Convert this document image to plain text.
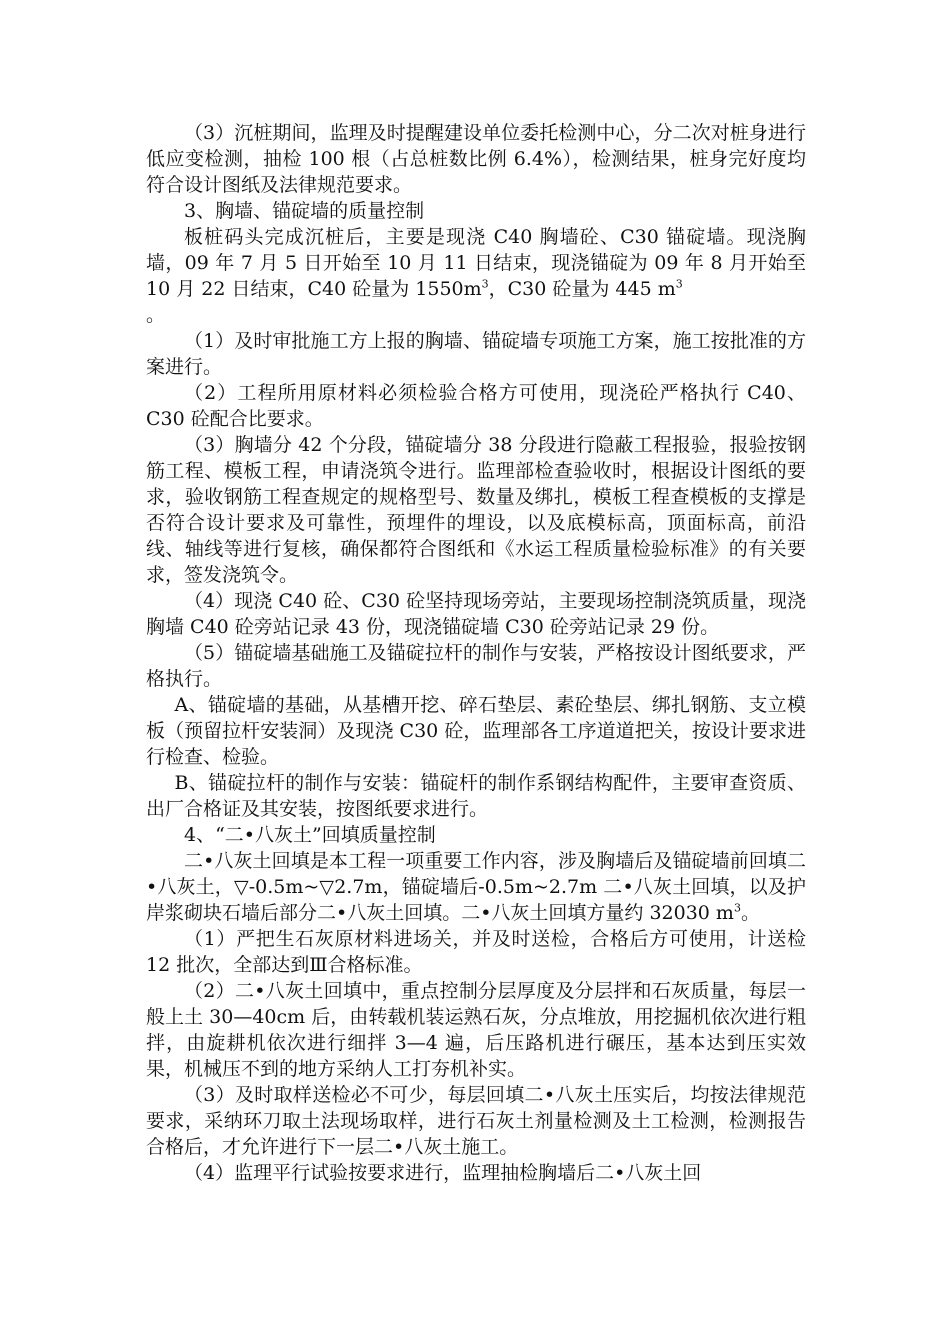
（3）沉桩期间，监理及时提醒建设单位委托检测中心，分二次对桩身进行低应变检测，抽检 100 根（占总桩数比例 6.4%），检测结果，桩身完好度均符合设计图纸及法律规范要求。

3、胸墙、锚碇墙的质量控制

板桩码头完成沉桩后，主要是现浇 C40 胸墙砼、C30 锚碇墙。现浇胸墙，09 年 7 月 5 日开始至 10 月 11 日结束，现浇锚碇为 09 年 8 月开始至 10 月 22 日结束，C40 砼量为 $1550m^3$，C30 砼量为 445 $m^3$
。

（1）及时审批施工方上报的胸墙、锚碇墙专项施工方案，施工按批准的方案进行。

（2）工程所用原材料必须检验合格方可使用，现浇砼严格执行 C40、C30 砼配合比要求。

（3）胸墙分 42 个分段，锚碇墙分 38 分段进行隐蔽工程报验，报验按钢筋工程、模板工程，申请浇筑令进行。监理部检查验收时，根据设计图纸的要求，验收钢筋工程查规定的规格型号、数量及绑扎，模板工程查模板的支撑是否符合设计要求及可靠性，预埋件的埋设，以及底模标高，顶面标高，前沿线、轴线等进行复核，确保都符合图纸和《水运工程质量检验标准》的有关要求，签发浇筑令。

（4）现浇 C40 砼、C30 砼坚持现场旁站，主要现场控制浇筑质量，现浇胸墙 C40 砼旁站记录 43 份，现浇锚碇墙 C30 砼旁站记录 29 份。

（5）锚碇墙基础施工及锚碇拉杆的制作与安装，严格按设计图纸要求，严格执行。

A、锚碇墙的基础，从基槽开挖、碎石垫层、素砼垫层、绑扎钢筋、支立模板（预留拉杆安装洞）及现浇 C30 砼，监理部各工序道道把关，按设计要求进行检查、检验。

B、锚碇拉杆的制作与安装：锚碇杆的制作系钢结构配件，主要审查资质、出厂合格证及其安装，按图纸要求进行。

4、“二•八灰土”回填质量控制

二•八灰土回填是本工程一项重要工作内容，涉及胸墙后及锚碇墙前回填二•八灰土，▽-0.5m~▽2.7m，锚碇墙后-0.5m~2.7m 二•八灰土回填，以及护岸浆砌块石墙后部分二•八灰土回填。二•八灰土回填方量约 32030 $m^3$。

（1）严把生石灰原材料进场关，并及时送检，合格后方可使用，计送检 12 批次，全部达到Ⅲ合格标准。

（2）二•八灰土回填中，重点控制分层厚度及分层拌和石灰质量，每层一般上土 30—40cm 后，由转载机装运熟石灰，分点堆放，用挖掘机依次进行粗拌，由旋耕机依次进行细拌 3—4 遍，后压路机进行碾压，基本达到压实效果，机械压不到的地方采纳人工打夯机补实。

（3）及时取样送检必不可少，每层回填二•八灰土压实后，均按法律规范要求，采纳环刀取土法现场取样，进行石灰土剂量检测及土工检测，检测报告合格后，才允许进行下一层二•八灰土施工。

（4）监理平行试验按要求进行，监理抽检胸墙后二•八灰土回
